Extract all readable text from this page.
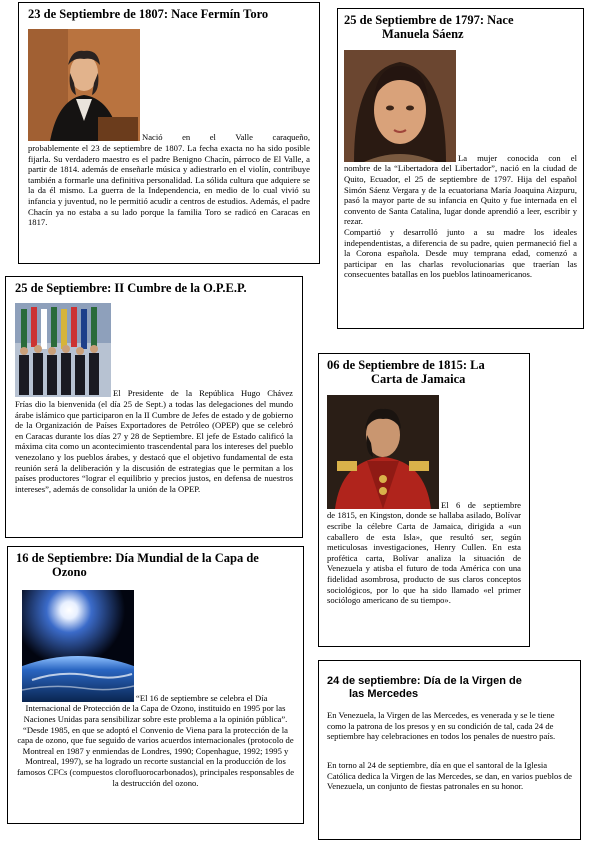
23 de Septiembre de 1807: Nace Fermín Toro
Nació en el Valle caraqueño,
probablemente el 23 de septiembre de 1807. La fecha exacta no ha sido posible fijarla. Su verdadero maestro es el padre Benigno Chacín, párroco de El Valle, a partir de 1814. además de enseñarle música y adiestrarlo en el violín, contribuye también a formarle una definitiva personalidad. La sólida cultura que adquiere se la da él mismo. La guerra de la Independencia, en medio de lo cual vivió su infancia y juventud, no le permitió acudir a centros de estudios. Además, el padre Chacín ya no estaba a su lado porque la familia Toro se radicó en Caracas en 1817.
25 de Septiembre de 1797: Nace
Manuela Sáenz
La mujer conocida con el
nombre de la “Libertadora del Libertador”, nació en la ciudad de Quito, Ecuador, el 25 de septiembre de 1797. Hija del español Simón Sáenz Vergara y de la ecuatoriana María Joaquina Aizpuru, pasó la mayor parte de su infancia en Quito y fue internada en el convento de Santa Catalina, lugar donde aprendió a leer, escribir y rezar.
Compartió y desarrolló junto a su madre los ideales independentistas, a diferencia de su padre, quien permaneció fiel a la Corona española. Desde muy temprana edad, comenzó a participar en las charlas revolucionarias que traerían las consecuentes batallas en los pueblos latinoamericanos.
25 de Septiembre: II Cumbre de la O.P.E.P.
El Presidente de la República Hugo Chávez
Frías dio la bienvenida (el día 25 de Sept.) a todas las delegaciones del mundo árabe islámico que participaron en la II Cumbre de Jefes de estado y de gobierno de la Organización de Países Exportadores de Petróleo (OPEP) que se celebró en Caracas durante los días 27 y 28 de Septiembre. El jefe de Estado calificó la máxima cita como un acontecimiento trascendental para los intereses del pueblo venezolano y los pueblos árabes, y destacó que el objetivo fundamental de esta reunión será la deliberación y la discusión de estrategias que le permitan a los países productores “lograr el equilibrio y precios justos, en defensa de nuestros intereses”, además de consolidar la unión de la OPEP.
06 de Septiembre de 1815: La
Carta de Jamaica
El 6 de septiembre
de 1815, en Kingston, donde se hallaba asilado, Bolívar escribe la célebre Carta de Jamaica, dirigida a «un caballero de esta Isla», que resultó ser, según meticulosas investigaciones, Henry Cullen. En esta profética carta, Bolívar analiza la situación de Venezuela y atisba el futuro de toda América con una fidelidad asombrosa, producto de sus claros conceptos sociológicos, por lo que ha sido llamado «el primer sociólogo americano de su tiempo».
16 de Septiembre: Día Mundial de la Capa de
Ozono
“El 16 de septiembre se celebra el Día
Internacional de Protección de la Capa de Ozono, instituido en 1995 por las Naciones Unidas para sensibilizar sobre este problema a la opinión pública”. “Desde 1985, en que se adoptó el Convenio de Viena para la protección de la capa de ozono, que fue seguido de varios acuerdos internacionales (protocolo de Montreal en 1987 y enmiendas de Londres, 1990; Copenhague, 1992; 1995 y Montreal, 1997), se ha logrado un recorte sustancial en la producción de los famosos CFCs (compuestos clorofluorocarbonados), principales responsables de la destrucción del ozono.
24 de septiembre: Día de la Virgen de
las Mercedes

En Venezuela, la Virgen de las Mercedes, es venerada y se le tiene como la patrona de los presos y en su condición de tal, cada 24 de septiembre hay celebraciones en todos los penales de nuestro país.

En torno al 24 de septiembre, día en que el santoral de la Iglesia Católica dedica la Virgen de las Mercedes, se dan, en varios pueblos de Venezuela, un conjunto de fiestas patronales en su honor.
